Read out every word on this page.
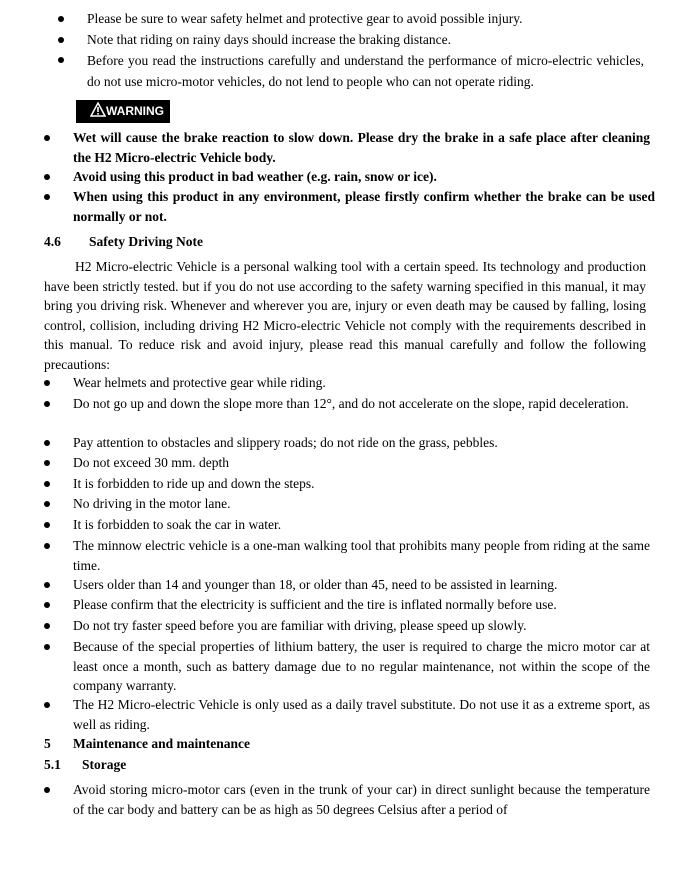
Please be sure to wear safety helmet and protective gear to avoid possible injury.
Note that riding on rainy days should increase the braking distance.
Before you read the instructions carefully and understand the performance of micro-electric vehicles, do not use micro-motor vehicles, do not lend to people who can not operate riding.
WARNING
Wet will cause the brake reaction to slow down. Please dry the brake in a safe place after cleaning the H2 Micro-electric Vehicle body.
Avoid using this product in bad weather (e.g. rain, snow or ice).
When using this product in any environment, please firstly confirm whether the brake can be used normally or not.
4.6 Safety Driving Note
H2 Micro-electric Vehicle is a personal walking tool with a certain speed. Its technology and production have been strictly tested. but if you do not use according to the safety warning specified in this manual, it may bring you driving risk. Whenever and wherever you are, injury or even death may be caused by falling, losing control, collision, including driving H2 Micro-electric Vehicle not comply with the requirements described in this manual. To reduce risk and avoid injury, please read this manual carefully and follow the following precautions:
Wear helmets and protective gear while riding.
Do not go up and down the slope more than 12°, and do not accelerate on the slope, rapid deceleration.
Pay attention to obstacles and slippery roads; do not ride on the grass, pebbles.
Do not exceed 30 mm. depth
It is forbidden to ride up and down the steps.
No driving in the motor lane.
It is forbidden to soak the car in water.
The minnow electric vehicle is a one-man walking tool that prohibits many people from riding at the same time.
Users older than 14 and younger than 18, or older than 45, need to be assisted in learning.
Please confirm that the electricity is sufficient and the tire is inflated normally before use.
Do not try faster speed before you are familiar with driving, please speed up slowly.
Because of the special properties of lithium battery, the user is required to charge the micro motor car at least once a month, such as battery damage due to no regular maintenance, not within the scope of the company warranty.
The H2 Micro-electric Vehicle is only used as a daily travel substitute. Do not use it as a extreme sport, as well as riding.
5 Maintenance and maintenance
5.1 Storage
Avoid storing micro-motor cars (even in the trunk of your car) in direct sunlight because the temperature of the car body and battery can be as high as 50 degrees Celsius after a period of
